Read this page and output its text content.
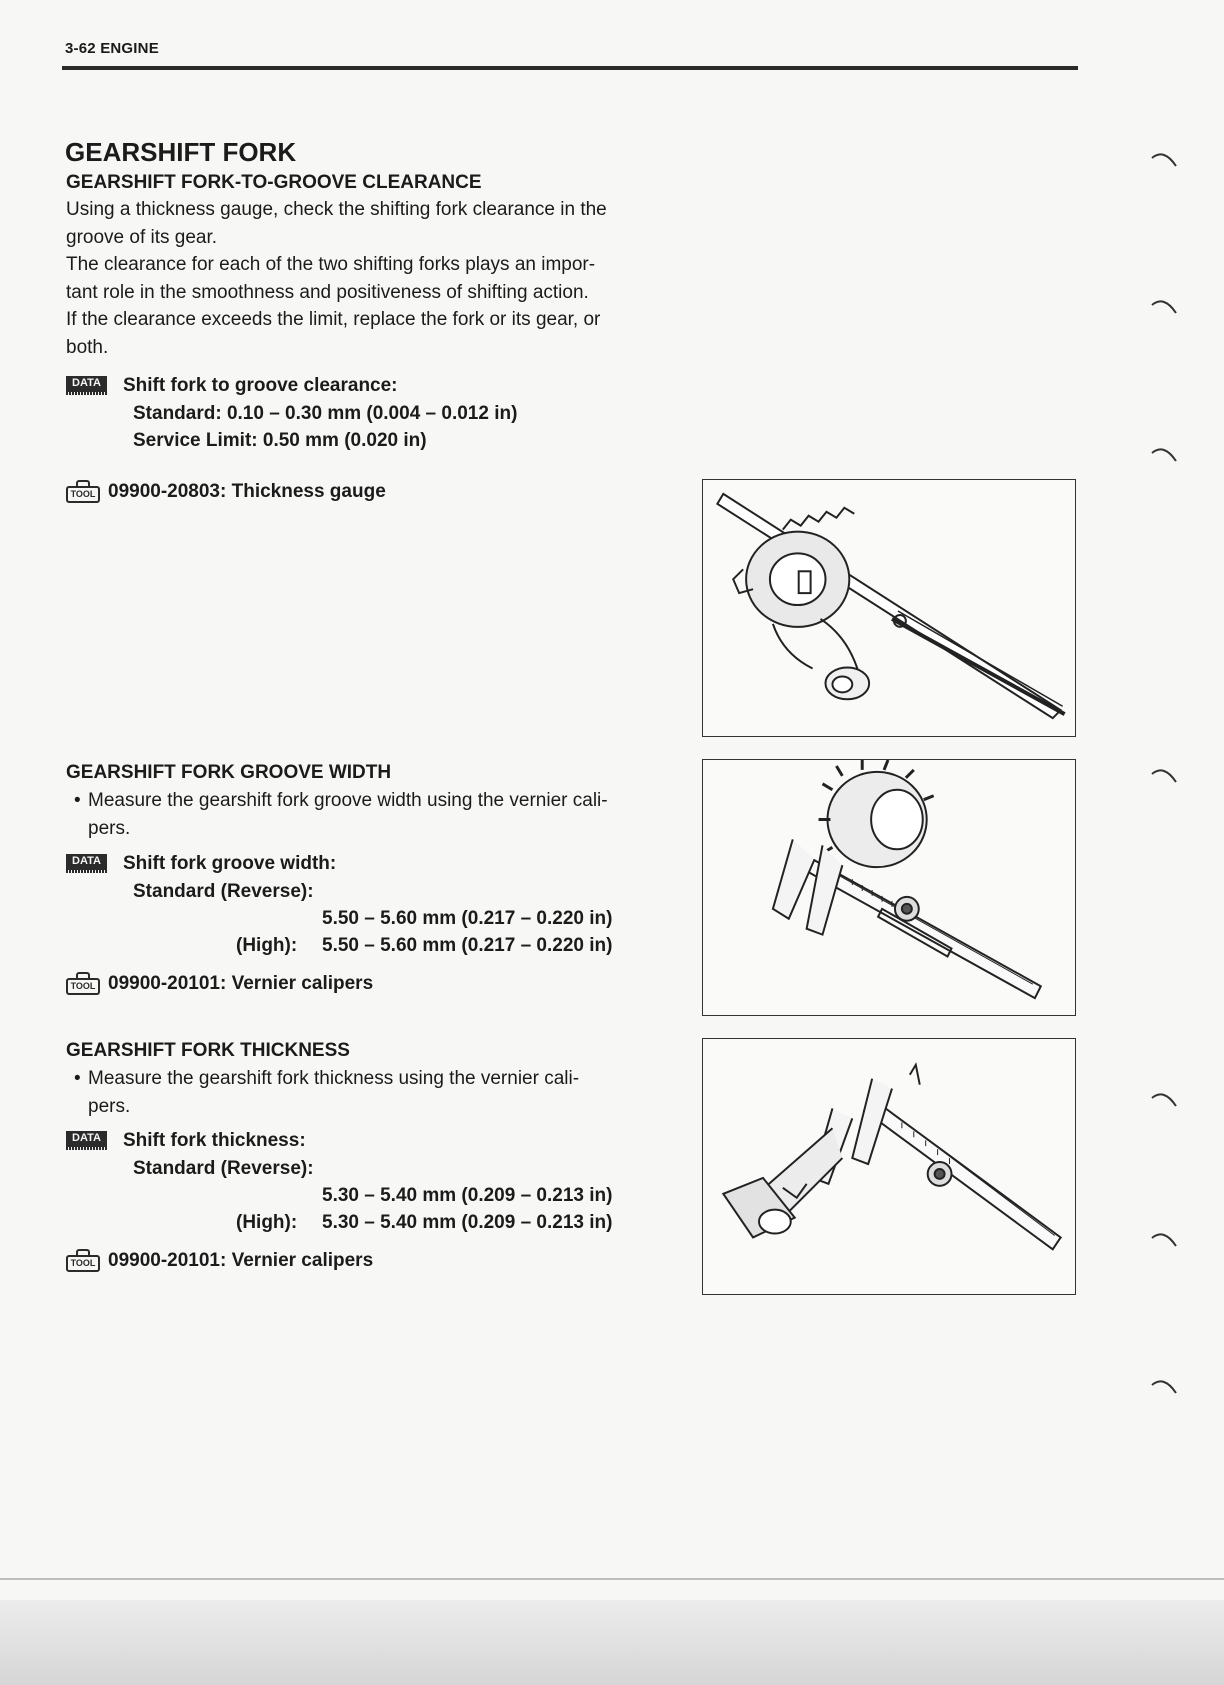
3-62 ENGINE
GEARSHIFT FORK
GEARSHIFT FORK-TO-GROOVE CLEARANCE

Using a thickness gauge, check the shifting fork clearance in the

groove of its gear.

The clearance for each of the two shifting forks plays an impor-

tant role in the smoothness and positiveness of shifting action.

If the clearance exceeds the limit, replace the fork or its gear, or

both.

DATA	Shift fork to groove clearance:
Standard: 0.10 – 0.30 mm (0.004 – 0.012 in)
Service Limit: 0.50 mm (0.020 in)
TOOL 09900-20803: Thickness gauge
GEARSHIFT FORK GROOVE WIDTH
• Measure the gearshift fork groove width using the vernier cali-
pers.
DATA	Shift fork groove width:
Standard (Reverse):
5.50 – 5.60 mm (0.217 – 0.220 in)
(High): 5.50 – 5.60 mm (0.217 – 0.220 in)
TOOL 09900-20101: Vernier calipers
GEARSHIFT FORK THICKNESS
• Measure the gearshift fork thickness using the vernier cali-
pers.
DATA	Shift fork thickness:
Standard (Reverse):
5.30 – 5.40 mm (0.209 – 0.213 in)
(High): 5.30 – 5.40 mm (0.209 – 0.213 in)
TOOL 09900-20101: Vernier calipers
